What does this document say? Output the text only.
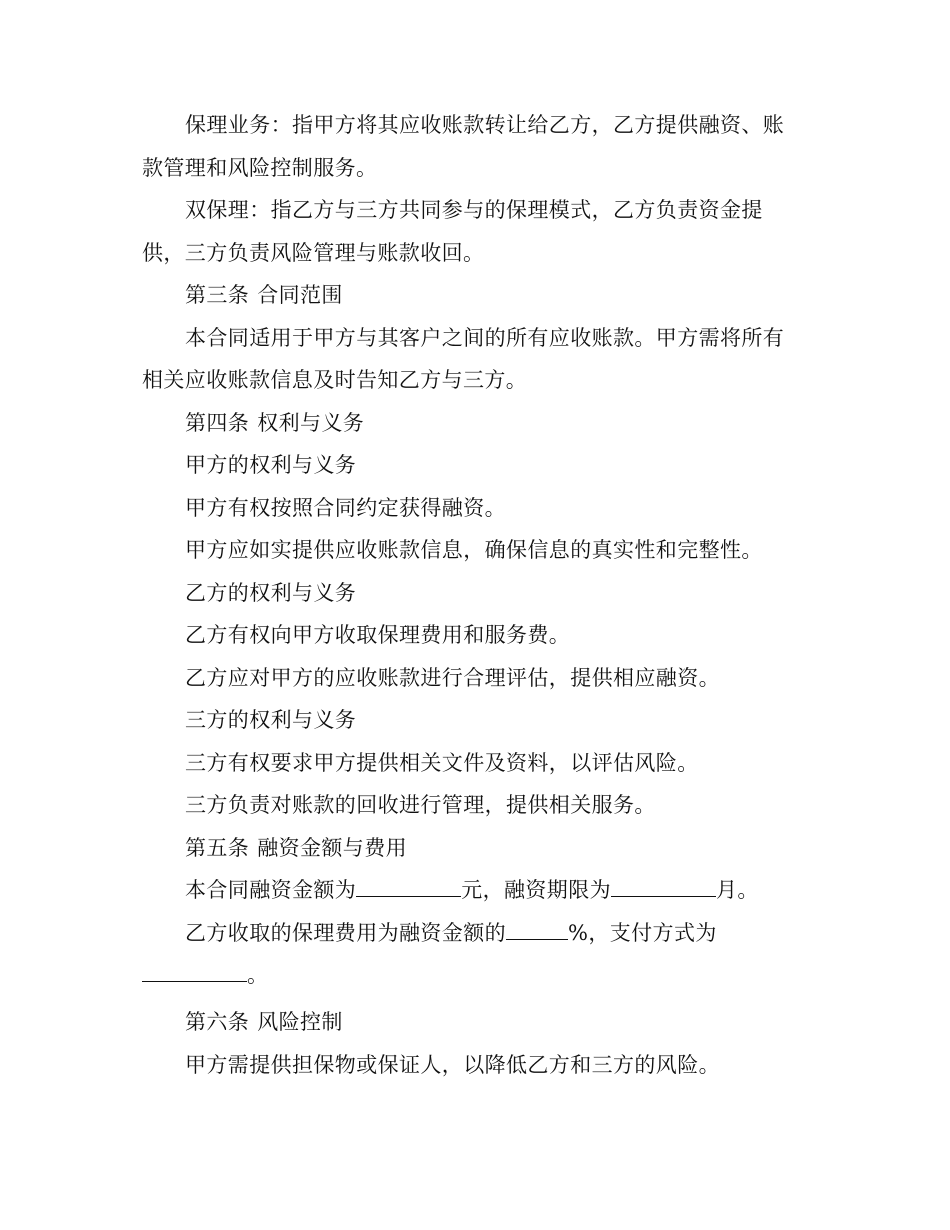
保理业务：指甲方将其应收账款转让给乙方，乙方提供融资、账
款管理和风险控制服务。
双保理：指乙方与三方共同参与的保理模式，乙方负责资金提
供，三方负责风险管理与账款收回。
第三条 合同范围
本合同适用于甲方与其客户之间的所有应收账款。甲方需将所有
相关应收账款信息及时告知乙方与三方。
第四条 权利与义务
甲方的权利与义务
甲方有权按照合同约定获得融资。
甲方应如实提供应收账款信息，确保信息的真实性和完整性。
乙方的权利与义务
乙方有权向甲方收取保理费用和服务费。
乙方应对甲方的应收账款进行合理评估，提供相应融资。
三方的权利与义务
三方有权要求甲方提供相关文件及资料，以评估风险。
三方负责对账款的回收进行管理，提供相关服务。
第五条 融资金额与费用
本合同融资金额为	元，融资期限为	月。
乙方收取的保理费用为融资金额的	%，支付方式为
。
第六条 风险控制
甲方需提供担保物或保证人，以降低乙方和三方的风险。
